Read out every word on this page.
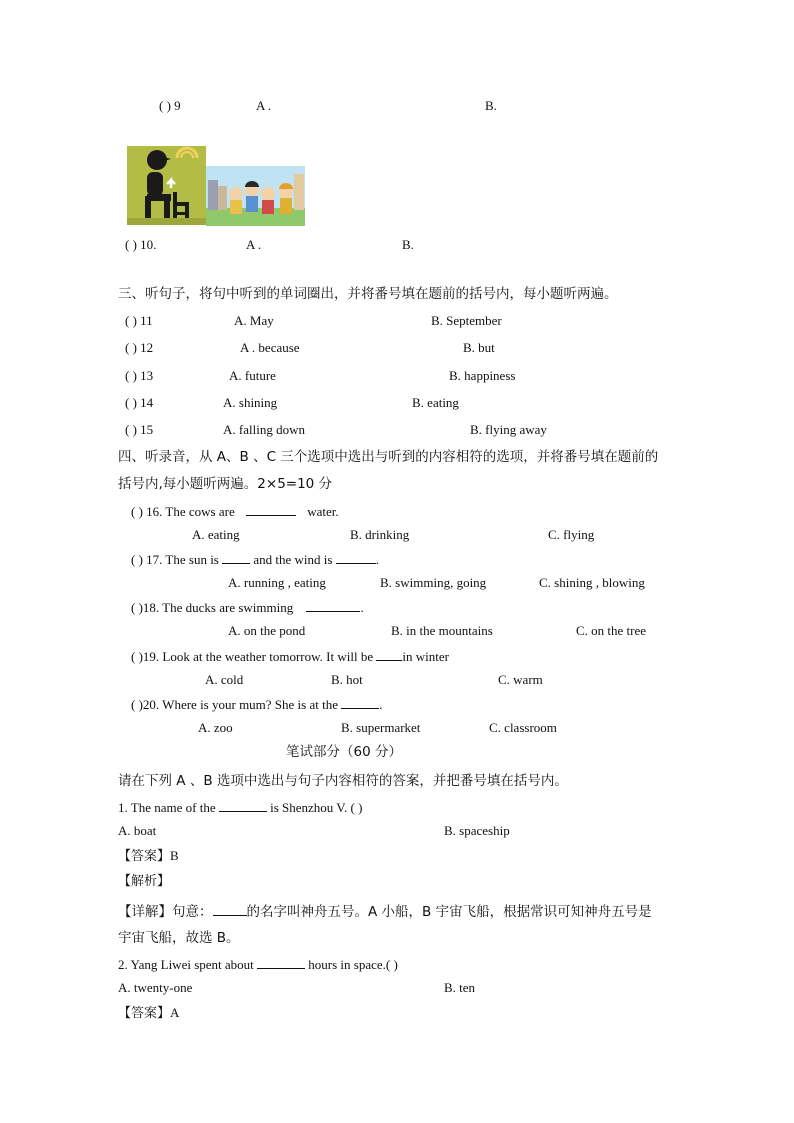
( ) 9	A .	B.
( ) 10.	A .	B.
三、听句子，将句中听到的单词圈出，并将番号填在题前的括号内，每小题听两遍。
( ) 11	A. May	B. September
( ) 12	A . because	B. but
( ) 13	A. future	B. happiness
( ) 14	A. shining	B. eating
( ) 15	A. falling down	B. flying away
四、听录音，从 A、B 、C 三个选项中选出与听到的内容相符的选项，并将番号填在题前的
括号内,每小题听两遍。2×5=10 分
( ) 16. The cows are	water.
A. eating	B. drinking	C. flying
( ) 17. The sun is	and the wind is	.
A. running , eating	B. swimming, going	C. shining , blowing
( )18. The ducks are swimming	.
A. on the pond	B. in the mountains	C. on the tree
( )19. Look at the weather tomorrow. It will be in winter
A. cold	B. hot	C. warm
( )20. Where is your mum? She is at the	.
A. zoo	B. supermarket	C. classroom
笔试部分（60 分）
请在下列 A 、B 选项中选出与句子内容相符的答案，并把番号填在括号内。
1. The name of the	is Shenzhou V. ( )
A. boat	B. spaceship
【答案】B
【解析】
【详解】句意：	的名字叫神舟五号。A 小船，B 宇宙飞船，根据常识可知神舟五号是
宇宙飞船，故选 B。
2. Yang Liwei spent about	hours in space.( )
A. twenty-one	B. ten
【答案】A
